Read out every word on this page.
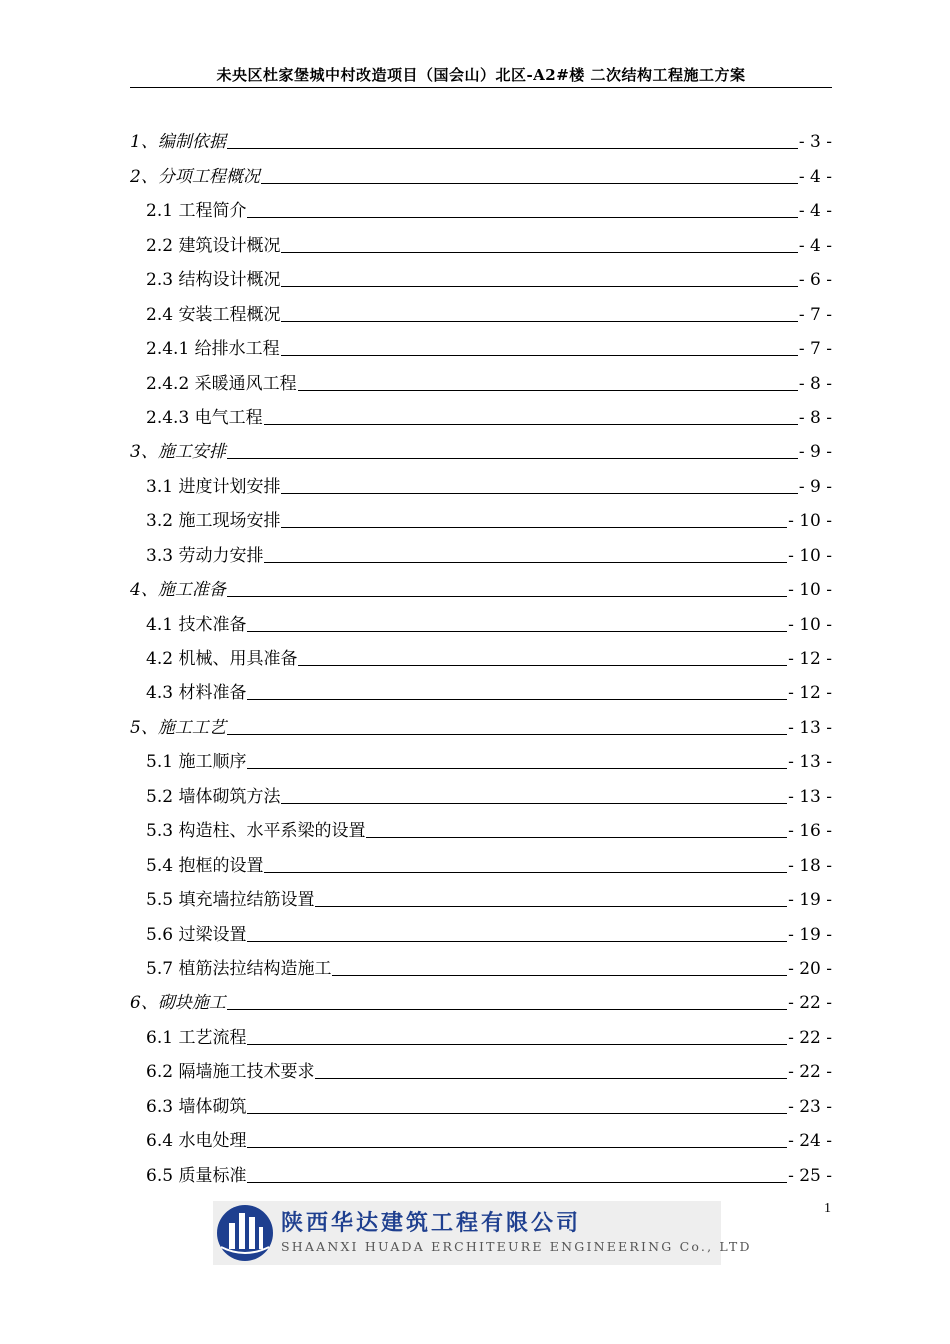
未央区杜家堡城中村改造项目（国会山）北区-A2#楼 二次结构工程施工方案
1、编制依据	- 3 -
2、分项工程概况	- 4 -
2.1 工程简介	- 4 -
2.2 建筑设计概况	- 4 -
2.3 结构设计概况	- 6 -
2.4 安装工程概况	- 7 -
2.4.1 给排水工程	- 7 -
2.4.2 采暖通风工程	- 8 -
2.4.3 电气工程	- 8 -
3、施工安排	- 9 -
3.1 进度计划安排	- 9 -
3.2 施工现场安排	- 10 -
3.3 劳动力安排	- 10 -
4、施工准备	- 10 -
4.1 技术准备	- 10 -
4.2 机械、用具准备	- 12 -
4.3 材料准备	- 12 -
5、施工工艺	- 13 -
5.1 施工顺序	- 13 -
5.2 墙体砌筑方法	- 13 -
5.3 构造柱、水平系梁的设置	- 16 -
5.4 抱框的设置	- 18 -
5.5 填充墙拉结筋设置	- 19 -
5.6 过梁设置	- 19 -
5.7 植筋法拉结构造施工	- 20 -
6、砌块施工	- 22 -
6.1 工艺流程	- 22 -
6.2 隔墙施工技术要求	- 22 -
6.3 墙体砌筑	- 23 -
6.4 水电处理	- 24 -
6.5 质量标准	- 25 -
1
陕西华达建筑工程有限公司
SHAANXI HUADA ERCHITEURE ENGINEERING Co., LTD
